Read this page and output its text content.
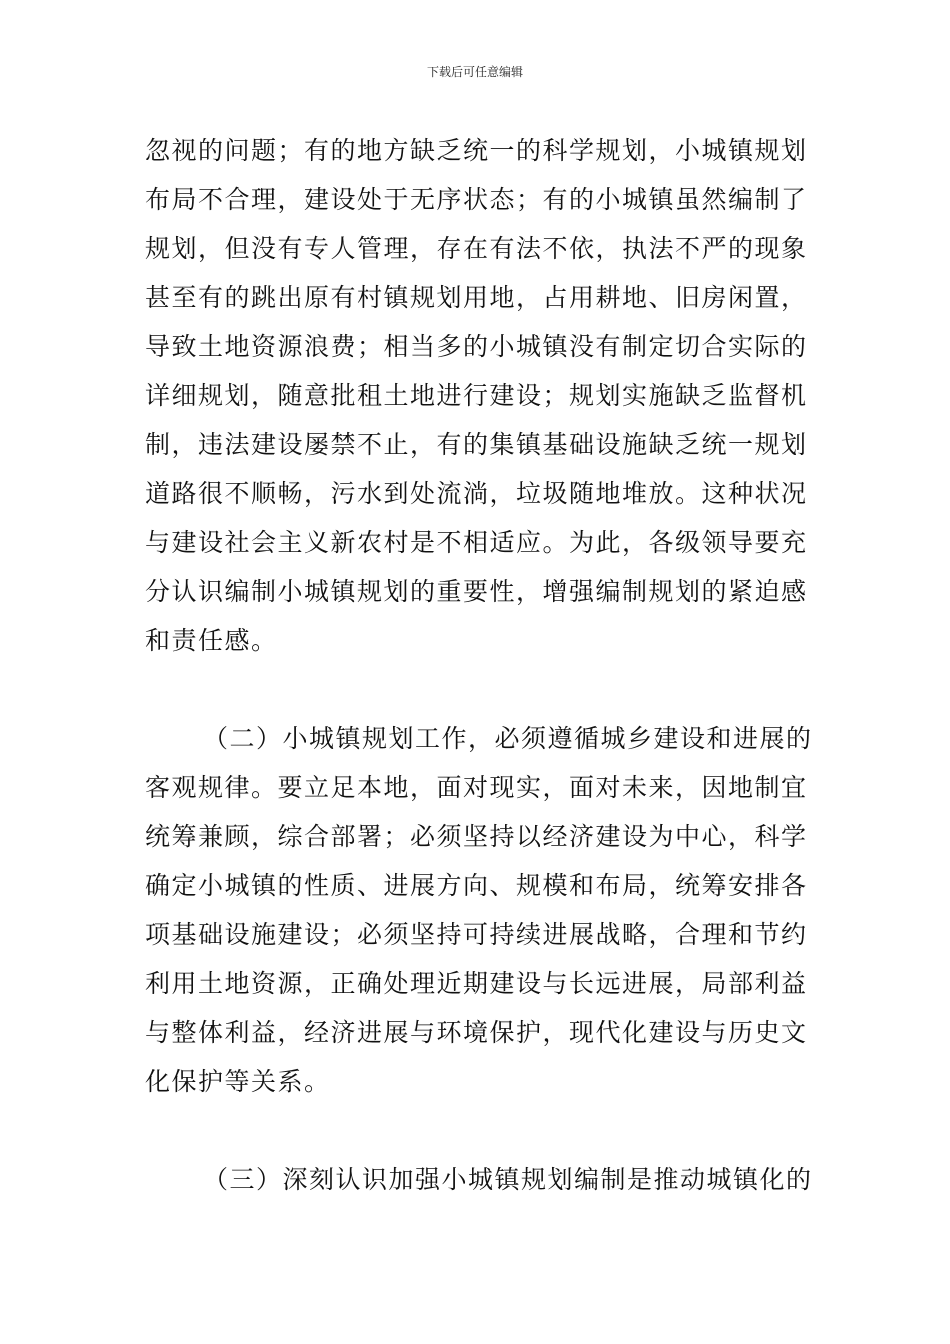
下载后可任意编辑
忽视的问题；有的地方缺乏统一的科学规划，小城镇规划
布局不合理，建设处于无序状态；有的小城镇虽然编制了
规划，但没有专人管理，存在有法不依，执法不严的现象
甚至有的跳出原有村镇规划用地，占用耕地、旧房闲置，
导致土地资源浪费；相当多的小城镇没有制定切合实际的
详细规划，随意批租土地进行建设；规划实施缺乏监督机
制，违法建设屡禁不止，有的集镇基础设施缺乏统一规划
道路很不顺畅，污水到处流淌，垃圾随地堆放。这种状况
与建设社会主义新农村是不相适应。为此，各级领导要充
分认识编制小城镇规划的重要性，增强编制规划的紧迫感
和责任感。
（二）小城镇规划工作，必须遵循城乡建设和进展的
客观规律。要立足本地，面对现实，面对未来，因地制宜
统筹兼顾，综合部署；必须坚持以经济建设为中心，科学
确定小城镇的性质、进展方向、规模和布局，统筹安排各
项基础设施建设；必须坚持可持续进展战略，合理和节约
利用土地资源，正确处理近期建设与长远进展，局部利益
与整体利益，经济进展与环境保护，现代化建设与历史文
化保护等关系。
（三）深刻认识加强小城镇规划编制是推动城镇化的
